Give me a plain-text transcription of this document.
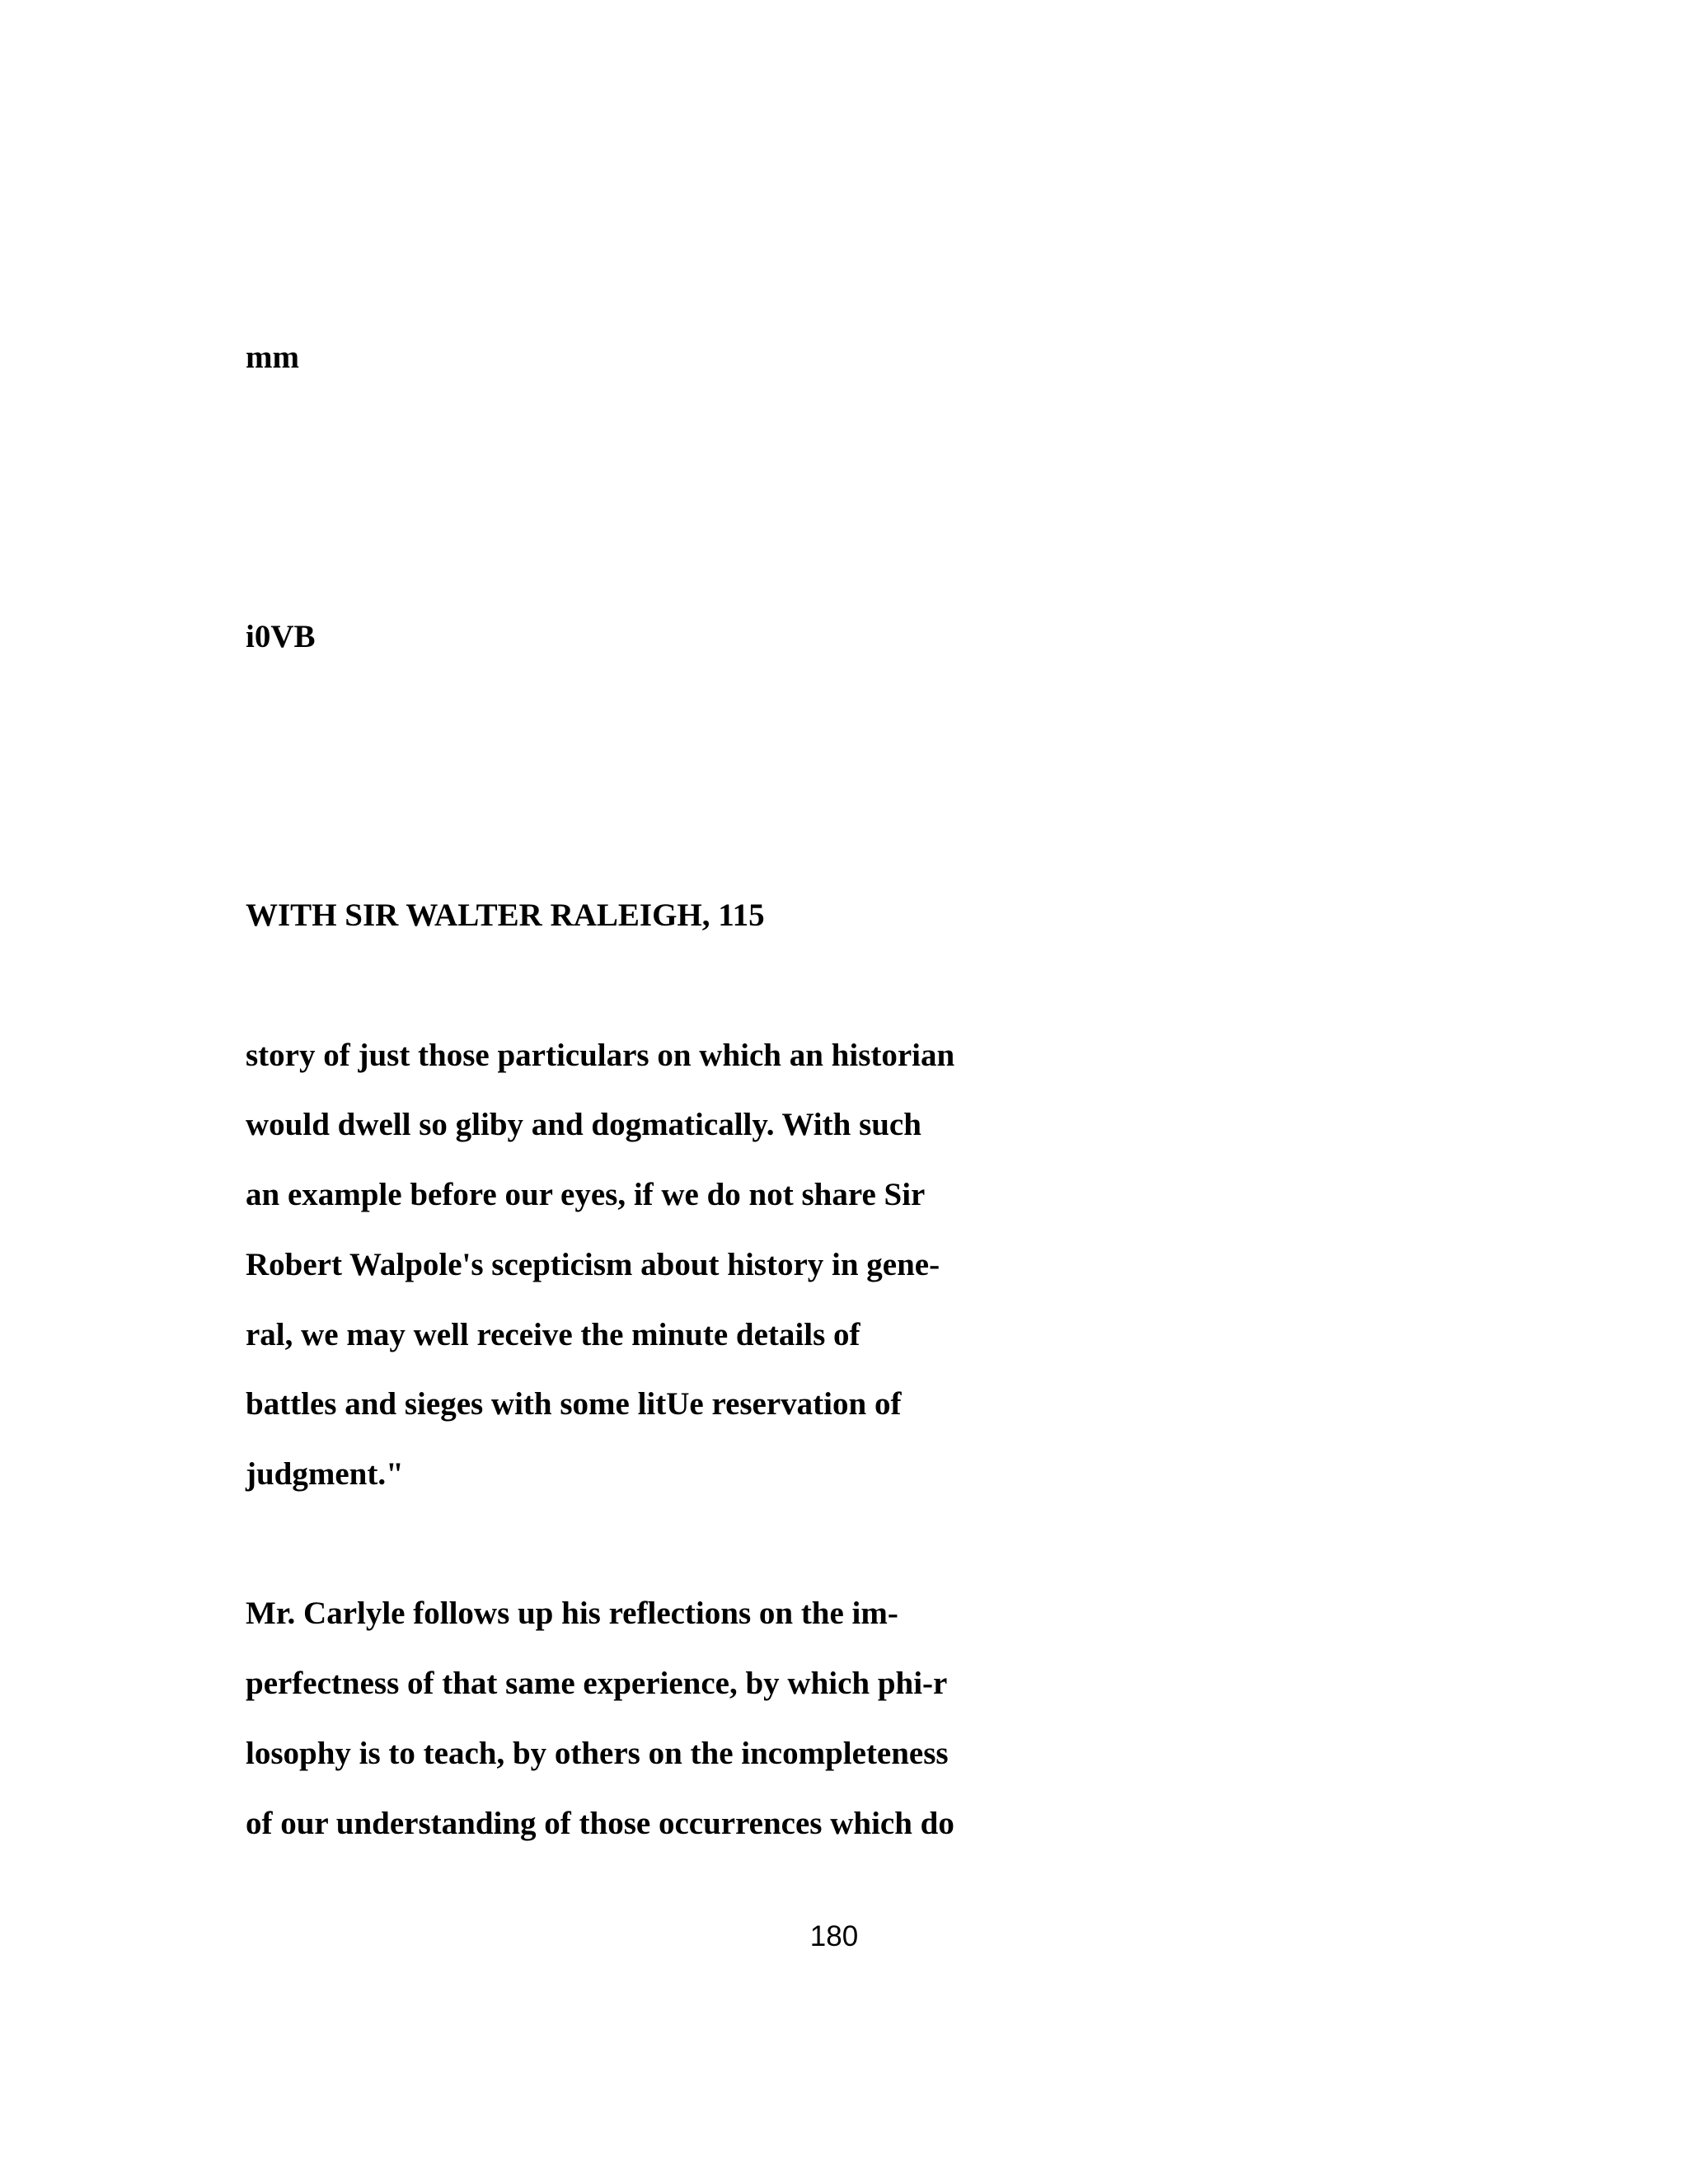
mm

i0VB

WITH SIR WALTER RALEIGH, 115

story of just those particulars on which an historian

would dwell so gliby and dogmatically. With such

an example before our eyes, if we do not share Sir

Robert Walpole's scepticism about history in gene-

ral, we may well receive the minute details of

battles and sieges with some litUe reservation of

judgment."

Mr. Carlyle follows up his reflections on the im-

perfectness of that same experience, by which phi-r

losophy is to teach, by others on the incompleteness

of our understanding of those occurrences which do

180
